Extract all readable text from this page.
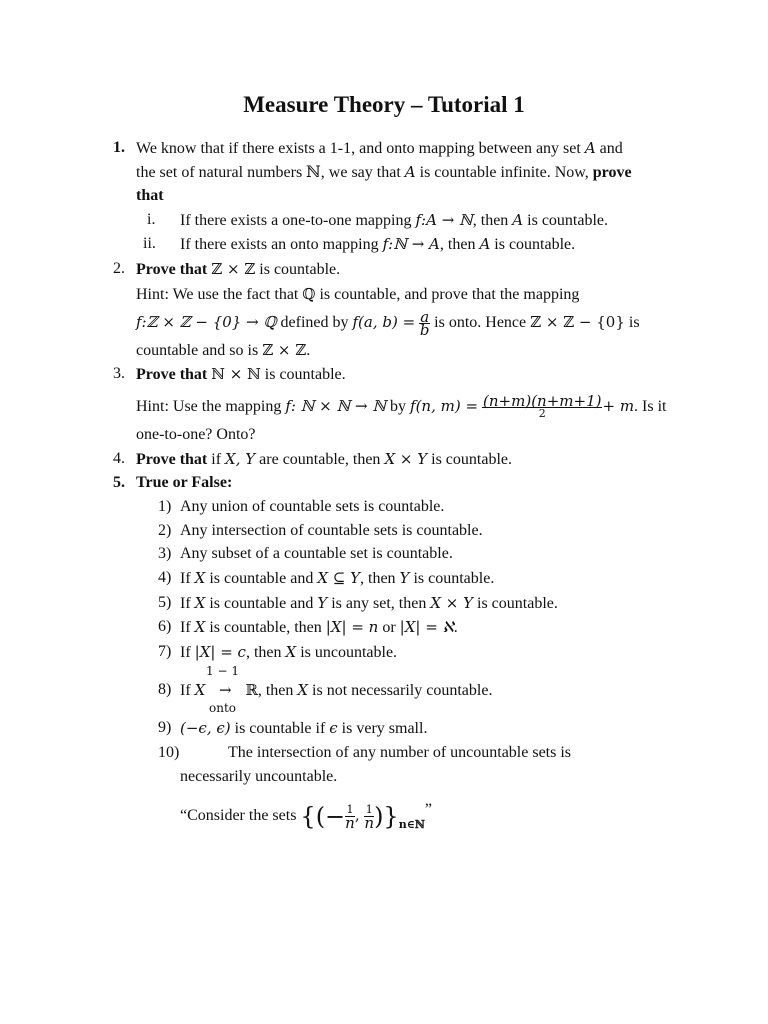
Measure Theory – Tutorial 1
1. We know that if there exists a 1-1, and onto mapping between any set A and
the set of natural numbers ℕ, we say that A is countable infinite. Now, prove
that
i. If there exists a one-to-one mapping f:A → ℕ, then A is countable.
ii. If there exists an onto mapping f:ℕ → A, then A is countable.
2. Prove that ℤ × ℤ is countable.
Hint: We use the fact that ℚ is countable, and prove that the mapping
f:ℤ × ℤ − {0} → ℚ defined by f(a, $b) = \frac{a}{b}$ is onto. Hence ℤ × ℤ − {0} is
countable and so is ℤ × ℤ.
3. Prove that ℕ × ℕ is countable.
Hint: Use the mapping f: ℕ × ℕ → ℕ by f(n, $m) = \frac{(n+m)(n+m+1)}{2} + m$. Is it
one-to-one? Onto?
4. Prove that if X, Y are countable, then X × Y is countable.
5. True or False:
1) Any union of countable sets is countable.
2) Any intersection of countable sets is countable.
3) Any subset of a countable set is countable.
4) If X is countable and X ⊆ Y, then Y is countable.
5) If X is countable and Y is any set, then X × Y is countable.
6) If X is countable, then |X| = n or |X| = ℵ.
7) If |X| = c, then X is uncountable.
8) If X → ℝ, then X is not necessarily countable.
1 − 1
onto
9) (−ϵ, ϵ) is countable if ϵ is very small.
10)	The intersection of any number of uncountable sets is
necessarily uncountable.
“Consider the sets {(− $\frac{1}{n}$ , $\frac{1}{n} )\}_{n\in ℕ}$”
